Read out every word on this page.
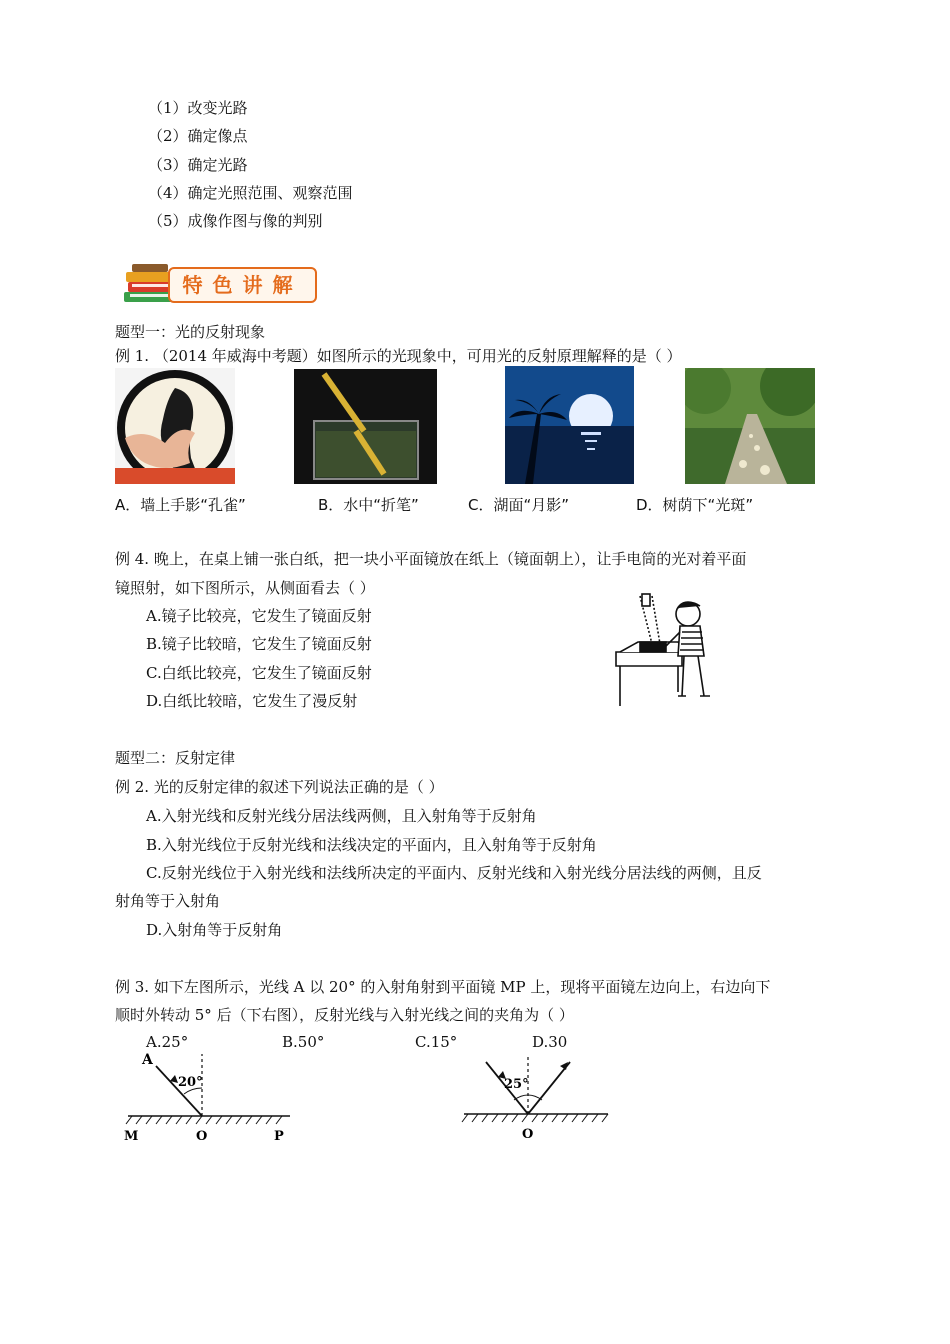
（1）改变光路
（2）确定像点
（3）确定光路
（4）确定光照范围、观察范围
（5）成像作图与像的判别
特色讲解
题型一：光的反射现象
例 1. （2014 年威海中考题）如图所示的光现象中，可用光的反射原理解释的是（ ）
A．墙上手影“孔雀”	B．水中“折笔”	C．湖面“月影”	D．树荫下“光斑”
例 4. 晚上，在桌上铺一张白纸，把一块小平面镜放在纸上（镜面朝上），让手电筒的光对着平面
镜照射，如下图所示，从侧面看去（ ）
A.镜子比较亮，它发生了镜面反射
B.镜子比较暗，它发生了镜面反射
C.白纸比较亮，它发生了镜面反射
D.白纸比较暗，它发生了漫反射
题型二：反射定律
例 2. 光的反射定律的叙述下列说法正确的是（ ）
A.入射光线和反射光线分居法线两侧，且入射角等于反射角
B.入射光线位于反射光线和法线决定的平面内，且入射角等于反射角
C.反射光线位于入射光线和法线所决定的平面内、反射光线和入射光线分居法线的两侧，且反
射角等于入射角
D.入射角等于反射角
例 3. 如下左图所示，光线 A 以 20° 的入射角射到平面镜 MP 上，现将平面镜左边向上，右边向下
顺时外转动 5° 后（下右图），反射光线与入射光线之间的夹角为（ ）
A.25°	B.50°	C.15°	D.30
A
20°
M	O	P
25°
O
